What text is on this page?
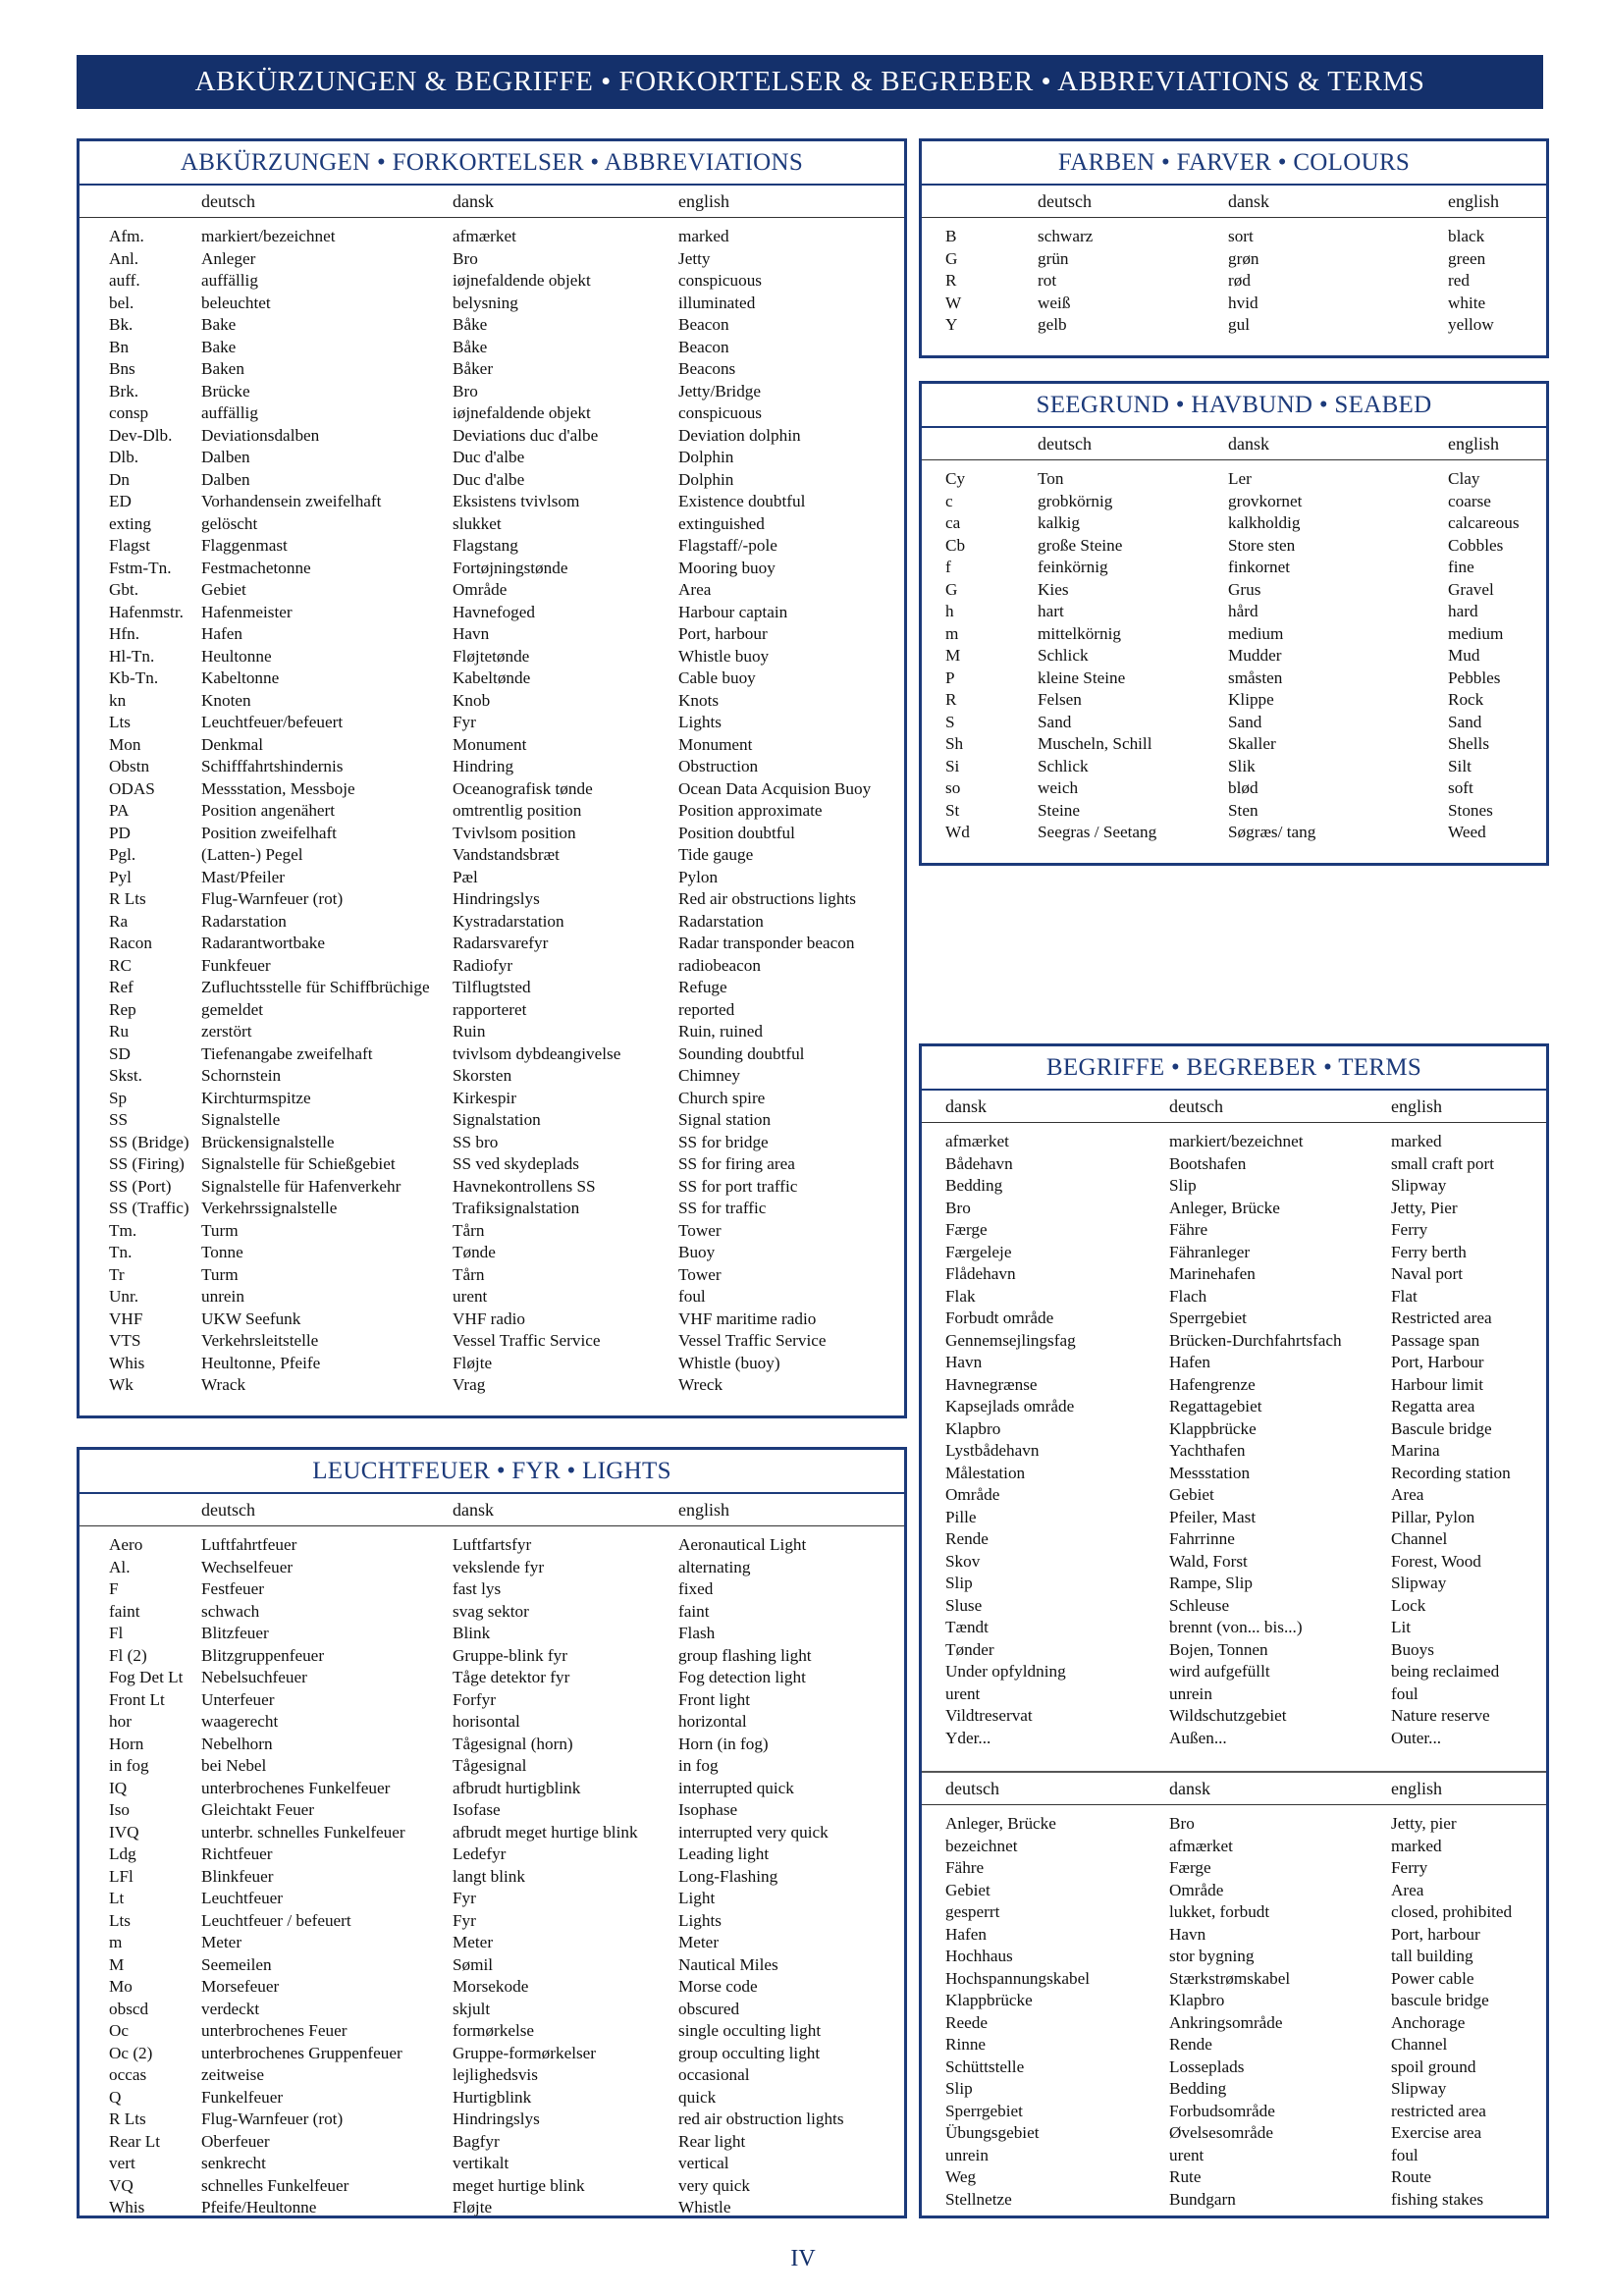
ABKÜRZUNGEN & BEGRIFFE • FORKORTELSER & BEGREBER • ABBREVIATIONS & TERMS
ABKÜRZUNGEN • FORKORTELSER • ABBREVIATIONS
deutsch	dansk	english
Afm.	markiert/bezeichnet	afmærket	marked
Anl.	Anleger	Bro	Jetty
auff.	auffällig	iøjnefaldende objekt	conspicuous
bel.	beleuchtet	belysning	illuminated
Bk.	Bake	Båke	Beacon
Bn	Bake	Båke	Beacon
Bns	Baken	Båker	Beacons
Brk.	Brücke	Bro	Jetty/Bridge
consp	auffällig	iøjnefaldende objekt	conspicuous
Dev-Dlb.	Deviationsdalben	Deviations duc d'albe	Deviation dolphin
Dlb.	Dalben	Duc d'albe	Dolphin
Dn	Dalben	Duc d'albe	Dolphin
ED	Vorhandensein zweifelhaft	Eksistens tvivlsom	Existence doubtful
exting	gelöscht	slukket	extinguished
Flagst	Flaggenmast	Flagstang	Flagstaff/-pole
Fstm-Tn.	Festmachetonne	Fortøjningstønde	Mooring buoy
Gbt.	Gebiet	Område	Area
Hafenmstr.	Hafenmeister	Havnefoged	Harbour captain
Hfn.	Hafen	Havn	Port, harbour
Hl-Tn.	Heultonne	Fløjtetønde	Whistle buoy
Kb-Tn.	Kabeltonne	Kabeltønde	Cable buoy
kn	Knoten	Knob	Knots
Lts	Leuchtfeuer/befeuert	Fyr	Lights
Mon	Denkmal	Monument	Monument
Obstn	Schifffahrtshindernis	Hindring	Obstruction
ODAS	Messstation, Messboje	Oceanografisk tønde	Ocean Data Acquision Buoy
PA	Position angenähert	omtrentlig position	Position approximate
PD	Position zweifelhaft	Tvivlsom position	Position doubtful
Pgl.	(Latten-) Pegel	Vandstandsbræt	Tide gauge
Pyl	Mast/Pfeiler	Pæl	Pylon
R Lts	Flug-Warnfeuer (rot)	Hindringslys	Red air obstructions lights
Ra	Radarstation	Kystradarstation	Radarstation
Racon	Radarantwortbake	Radarsvarefyr	Radar transponder beacon
RC	Funkfeuer	Radiofyr	radiobeacon
Ref	Zufluchtsstelle für Schiffbrüchige	Tilflugtsted	Refuge
Rep	gemeldet	rapporteret	reported
Ru	zerstört	Ruin	Ruin, ruined
SD	Tiefenangabe zweifelhaft	tvivlsom dybdeangivelse	Sounding doubtful
Skst.	Schornstein	Skorsten	Chimney
Sp	Kirchturmspitze	Kirkespir	Church spire
SS	Signalstelle	Signalstation	Signal station
SS (Bridge) Brückensignalstelle	SS bro	SS for bridge
SS (Firing) Signalstelle für Schießgebiet	SS ved skydeplads	SS for firing area
SS (Port)	Signalstelle für Hafenverkehr	Havnekontrollens SS	SS for port traffic
SS (Traffic) Verkehrssignalstelle	Trafiksignalstation	SS for traffic
Tm.	Turm	Tårn	Tower
Tn.	Tonne	Tønde	Buoy
Tr	Turm	Tårn	Tower
Unr.	unrein	urent	foul
VHF	UKW Seefunk	VHF radio	VHF maritime radio
VTS	Verkehrsleitstelle	Vessel Traffic Service	Vessel Traffic Service
Whis	Heultonne, Pfeife	Fløjte	Whistle (buoy)
Wk	Wrack	Vrag	Wreck
LEUCHTFEUER • FYR • LIGHTS
deutsch	dansk	english
Aero	Luftfahrtfeuer	Luftfartsfyr	Aeronautical Light
Al.	Wechselfeuer	vekslende fyr	alternating
F	Festfeuer	fast lys	fixed
faint	schwach	svag sektor	faint
Fl	Blitzfeuer	Blink	Flash
Fl (2)	Blitzgruppenfeuer	Gruppe-blink fyr	group flashing light
Fog Det Lt	Nebelsuchfeuer	Tåge detektor fyr	Fog detection light
Front Lt	Unterfeuer	Forfyr	Front light
hor	waagerecht	horisontal	horizontal
Horn	Nebelhorn	Tågesignal (horn)	Horn (in fog)
in fog	bei Nebel	Tågesignal	in fog
IQ	unterbrochenes Funkelfeuer	afbrudt hurtigblink	interrupted quick
Iso	Gleichtakt Feuer	Isofase	Isophase
IVQ	unterbr. schnelles Funkelfeuer	afbrudt meget hurtige blink	interrupted very quick
Ldg	Richtfeuer	Ledefyr	Leading light
LFl	Blinkfeuer	langt blink	Long-Flashing
Lt	Leuchtfeuer	Fyr	Light
Lts	Leuchtfeuer / befeuert	Fyr	Lights
m	Meter	Meter	Meter
M	Seemeilen	Sømil	Nautical Miles
Mo	Morsefeuer	Morsekode	Morse code
obscd	verdeckt	skjult	obscured
Oc	unterbrochenes Feuer	formørkelse	single occulting light
Oc (2)	unterbrochenes Gruppenfeuer	Gruppe-formørkelser	group occulting light
occas	zeitweise	lejlighedsvis	occasional
Q	Funkelfeuer	Hurtigblink	quick
R Lts	Flug-Warnfeuer (rot)	Hindringslys	red air obstruction lights
Rear Lt	Oberfeuer	Bagfyr	Rear light
vert	senkrecht	vertikalt	vertical
VQ	schnelles Funkelfeuer	meget hurtige blink	very quick
Whis	Pfeife/Heultonne	Fløjte	Whistle
FARBEN • FARVER • COLOURS
deutsch	dansk	english
B	schwarz	sort	black
G	grün	grøn	green
R	rot	rød	red
W	weiß	hvid	white
Y	gelb	gul	yellow
SEEGRUND • HAVBUND • SEABED
deutsch	dansk	english
Cy	Ton	Ler	Clay
c	grobkörnig	grovkornet	coarse
ca	kalkig	kalkholdig	calcareous
Cb	große Steine	Store sten	Cobbles
f	feinkörnig	finkornet	fine
G	Kies	Grus	Gravel
h	hart	hård	hard
m	mittelkörnig	medium	medium
M	Schlick	Mudder	Mud
P	kleine Steine	småsten	Pebbles
R	Felsen	Klippe	Rock
S	Sand	Sand	Sand
Sh	Muscheln, Schill	Skaller	Shells
Si	Schlick	Slik	Silt
so	weich	blød	soft
St	Steine	Sten	Stones
Wd	Seegras / Seetang	Søgræs/ tang	Weed
BEGRIFFE • BEGREBER • TERMS
dansk	deutsch	english
afmærket	markiert/bezeichnet	marked
Bådehavn	Bootshafen	small craft port
Bedding	Slip	Slipway
Bro	Anleger, Brücke	Jetty, Pier
Færge	Fähre	Ferry
Færgeleje	Fähranleger	Ferry berth
Flådehavn	Marinehafen	Naval port
Flak	Flach	Flat
Forbudt område	Sperrgebiet	Restricted area
Gennemsejlingsfag	Brücken-Durchfahrtsfach	Passage span
Havn	Hafen	Port, Harbour
Havnegrænse	Hafengrenze	Harbour limit
Kapsejlads område	Regattagebiet	Regatta area
Klapbro	Klappbrücke	Bascule bridge
Lystbådehavn	Yachthafen	Marina
Målestation	Messstation	Recording station
Område	Gebiet	Area
Pille	Pfeiler, Mast	Pillar, Pylon
Rende	Fahrrinne	Channel
Skov	Wald, Forst	Forest, Wood
Slip	Rampe, Slip	Slipway
Sluse	Schleuse	Lock
Tændt	brennt (von... bis...)	Lit
Tønder	Bojen, Tonnen	Buoys
Under opfyldning	wird aufgefüllt	being reclaimed
urent	unrein	foul
Vildtreservat	Wildschutzgebiet	Nature reserve
Yder...	Außen...	Outer...
deutsch	dansk	english
Anleger, Brücke	Bro	Jetty, pier
bezeichnet	afmærket	marked
Fähre	Færge	Ferry
Gebiet	Område	Area
gesperrt	lukket, forbudt	closed, prohibited
Hafen	Havn	Port, harbour
Hochhaus	stor bygning	tall building
Hochspannungskabel	Stærkstrømskabel	Power cable
Klappbrücke	Klapbro	bascule bridge
Reede	Ankringsområde	Anchorage
Rinne	Rende	Channel
Schüttstelle	Losseplads	spoil ground
Slip	Bedding	Slipway
Sperrgebiet	Forbudsområde	restricted area
Übungsgebiet	Øvelsesområde	Exercise area
unrein	urent	foul
Weg	Rute	Route
Stellnetze	Bundgarn	fishing stakes
IV
